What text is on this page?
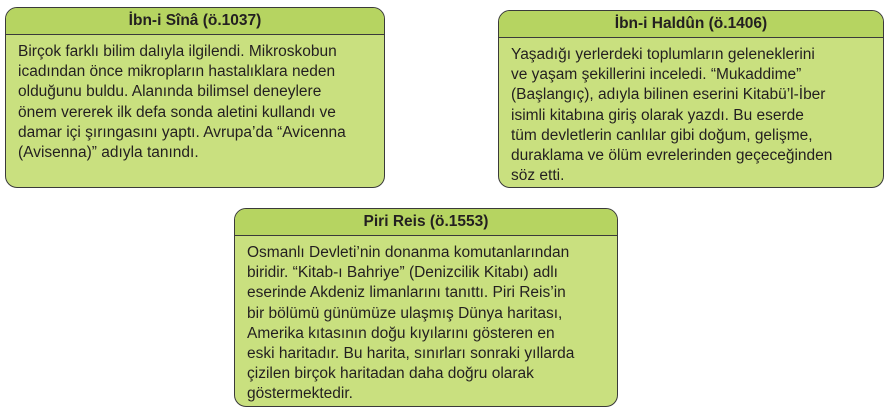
İbn-i Sînâ (ö.1037)
Birçok farklı bilim dalıyla ilgilendi. Mikroskobun
icadından önce mikropların hastalıklara neden
olduğunu buldu. Alanında bilimsel deneylere
önem vererek ilk defa sonda aletini kullandı ve
damar içi şırıngasını yaptı. Avrupa’da “Avicenna
(Avisenna)” adıyla tanındı.
İbn-i Haldûn (ö.1406)
Yaşadığı yerlerdeki toplumların geleneklerini
ve yaşam şekillerini inceledi. “Mukaddime”
(Başlangıç), adıyla bilinen eserini Kitabü’l-İber
isimli kitabına giriş olarak yazdı. Bu eserde
tüm devletlerin canlılar gibi doğum, gelişme,
duraklama ve ölüm evrelerinden geçeceğinden
söz etti.
Piri Reis (ö.1553)
Osmanlı Devleti’nin donanma komutanlarından
biridir. “Kitab-ı Bahriye” (Denizcilik Kitabı) adlı
eserinde Akdeniz limanlarını tanıttı. Piri Reis’in
bir bölümü günümüze ulaşmış Dünya haritası,
Amerika kıtasının doğu kıyılarını gösteren en
eski haritadır. Bu harita, sınırları sonraki yıllarda
çizilen birçok haritadan daha doğru olarak
göstermektedir.
